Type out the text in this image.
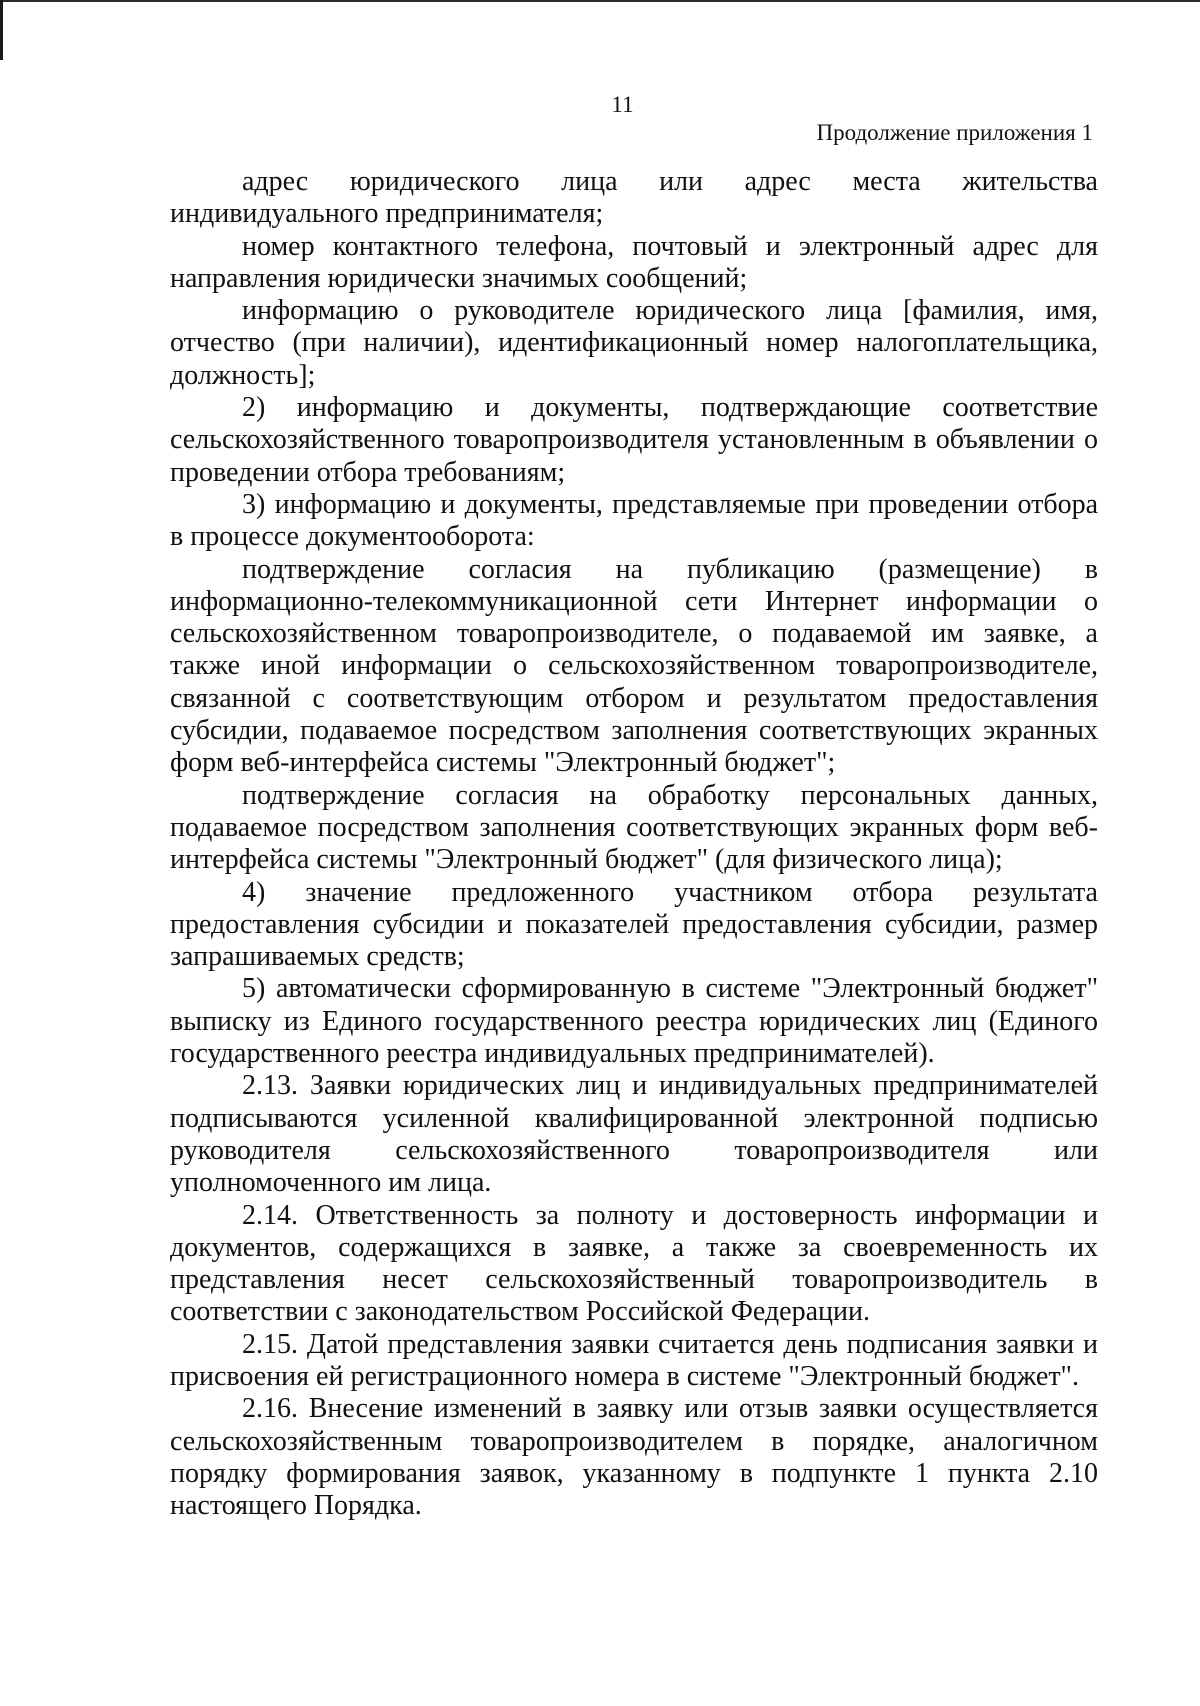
11
Продолжение приложения 1

адрес юридического лица или адрес места жительства индивидуального предпринимателя;

номер контактного телефона, почтовый и электронный адрес для направления юридически значимых сообщений;

информацию о руководителе юридического лица [фамилия, имя, отчество (при наличии), идентификационный номер налогоплательщика, должность];

2) информацию и документы, подтверждающие соответствие сельскохозяйственного товаропроизводителя установленным в объявлении о проведении отбора требованиям;

3) информацию и документы, представляемые при проведении отбора в процессе документооборота:

подтверждение согласия на публикацию (размещение) в информационно-телекоммуникационной сети Интернет информации о сельскохозяйственном товаропроизводителе, о подаваемой им заявке, а также иной информации о сельскохозяйственном товаропроизводителе, связанной с соответствующим отбором и результатом предоставления субсидии, подаваемое посредством заполнения соответствующих экранных форм веб-интерфейса системы "Электронный бюджет";

подтверждение согласия на обработку персональных данных, подаваемое посредством заполнения соответствующих экранных форм веб-интерфейса системы "Электронный бюджет" (для физического лица);

4) значение предложенного участником отбора результата предоставления субсидии и показателей предоставления субсидии, размер запрашиваемых средств;

5) автоматически сформированную в системе "Электронный бюджет" выписку из Единого государственного реестра юридических лиц (Единого государственного реестра индивидуальных предпринимателей).

2.13. Заявки юридических лиц и индивидуальных предпринимателей подписываются усиленной квалифицированной электронной подписью руководителя сельскохозяйственного товаропроизводителя или уполномоченного им лица.

2.14. Ответственность за полноту и достоверность информации и документов, содержащихся в заявке, а также за своевременность их представления несет сельскохозяйственный товаропроизводитель в соответствии с законодательством Российской Федерации.

2.15. Датой представления заявки считается день подписания заявки и присвоения ей регистрационного номера в системе "Электронный бюджет".

2.16. Внесение изменений в заявку или отзыв заявки осуществляется сельскохозяйственным товаропроизводителем в порядке, аналогичном порядку формирования заявок, указанному в подпункте 1 пункта 2.10 настоящего Порядка.
